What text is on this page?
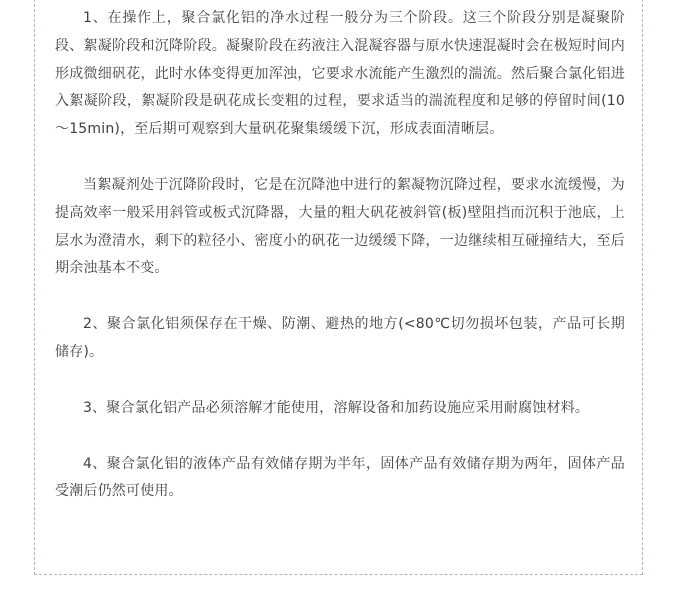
1、在操作上，聚合氯化铝的净水过程一般分为三个阶段。这三个阶段分别是凝聚阶段、絮凝阶段和沉降阶段。凝聚阶段在药液注入混凝容器与原水快速混凝时会在极短时间内形成微细矾花，此时水体变得更加浑浊，它要求水流能产生激烈的湍流。然后聚合氯化铝进入絮凝阶段，絮凝阶段是矾花成长变粗的过程，要求适当的湍流程度和足够的停留时间(10～15min)，至后期可观察到大量矾花聚集缓缓下沉，形成表面清晰层。

当絮凝剂处于沉降阶段时，它是在沉降池中进行的絮凝物沉降过程，要求水流缓慢，为提高效率一般采用斜管或板式沉降器，大量的粗大矾花被斜管(板)壁阻挡而沉积于池底，上层水为澄清水，剩下的粒径小、密度小的矾花一边缓缓下降，一边继续相互碰撞结大，至后期余浊基本不变。

2、聚合氯化铝须保存在干燥、防潮、避热的地方(<80℃切勿损坏包装，产品可长期储存)。

3、聚合氯化铝产品必须溶解才能使用，溶解设备和加药设施应采用耐腐蚀材料。

4、聚合氯化铝的液体产品有效储存期为半年，固体产品有效储存期为两年，固体产品受潮后仍然可使用。
